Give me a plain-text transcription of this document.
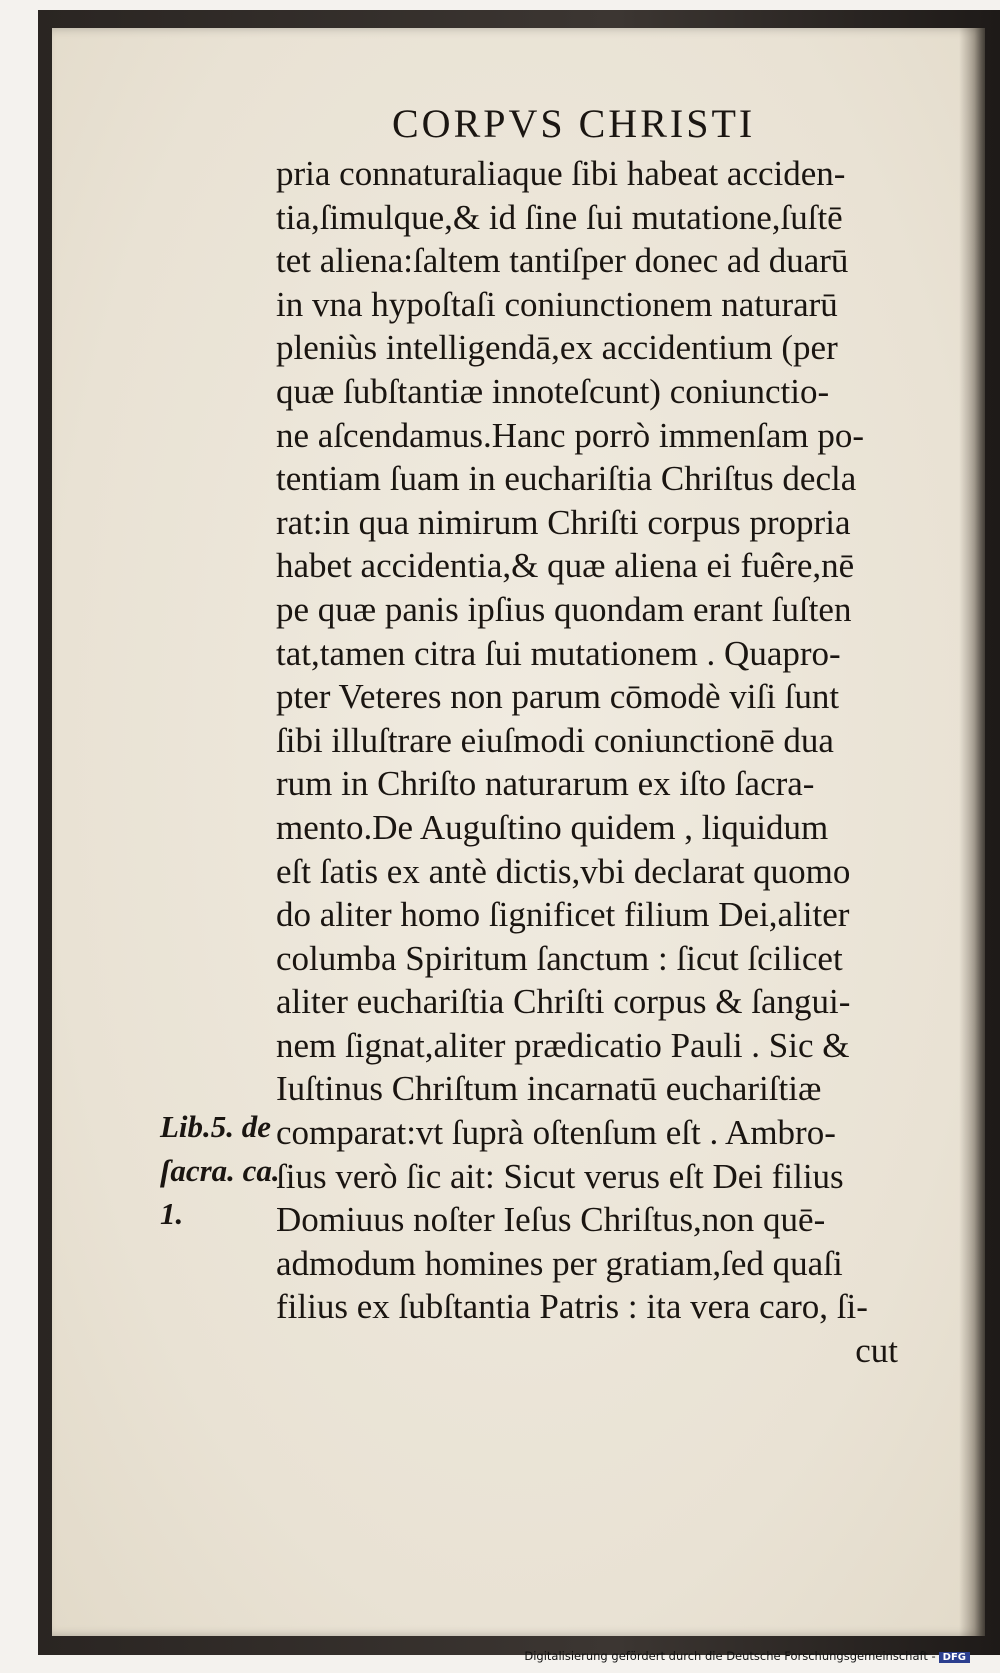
CORPVS CHRISTI
pria connaturaliaque ſibi habeat acciden-
tia,ſimulque,& id ſine ſui mutatione,ſuſtē
tet aliena:ſaltem tantiſper donec ad duarū
in vna hypoſtaſi coniunctionem naturarū
pleniùs intelligendā,ex accidentium (per
quæ ſubſtantiæ innoteſcunt) coniunctio-
ne aſcendamus.Hanc porrò immenſam po-
tentiam ſuam in euchariſtia Chriſtus decla
rat:in qua nimirum Chriſti corpus propria
habet accidentia,& quæ aliena ei fuêre,nē
pe quæ panis ipſius quondam erant ſuſten
tat,tamen citra ſui mutationem . Quapro-
pter Veteres non parum cōmodè viſi ſunt
ſibi illuſtrare eiuſmodi coniunctionē dua
rum in Chriſto naturarum ex iſto ſacra-
mento.De Auguſtino quidem , liquidum
eſt ſatis ex antè dictis,vbi declarat quomo
do aliter homo ſignificet filium Dei,aliter
columba Spiritum ſanctum : ſicut ſcilicet
aliter euchariſtia Chriſti corpus & ſangui-
nem ſignat,aliter prædicatio Pauli . Sic &
Iuſtinus Chriſtum incarnatū euchariſtiæ
comparat:vt ſuprà oſtenſum eſt . Ambro-
ſius verò ſic ait: Sicut verus eſt Dei filius
Domiuus noſter Ieſus Chriſtus,non quē-
admodum homines per gratiam,ſed quaſi
filius ex ſubſtantia Patris : ita vera caro, ſi-
cut
Lib.5. de
ſacra. ca.
1.
Digitalisierung gefördert durch die Deutsche Forschungsgemeinschaft - DFG
